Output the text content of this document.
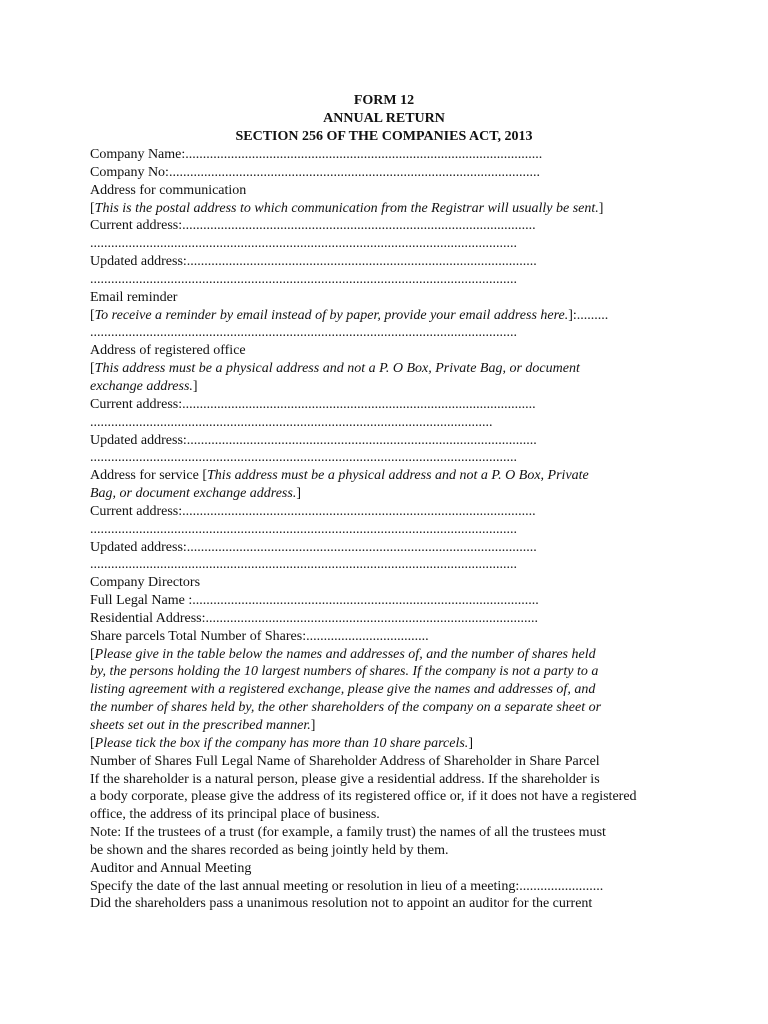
FORM 12
ANNUAL RETURN
SECTION 256 OF THE COMPANIES ACT, 2013
Company Name:......................................................................................................
Company No:..........................................................................................................
Address for communication
[This is the postal address to which communication from the Registrar will usually be sent.]
Current address:.....................................................................................................
..........................................................................................................................
Updated address:....................................................................................................
..........................................................................................................................
Email reminder
[To receive a reminder by email instead of by paper, provide your email address here.]:.........
..........................................................................................................................
Address of registered office
[This address must be a physical address and not a P. O Box, Private Bag, or document
exchange address.]
Current address:.....................................................................................................
...................................................................................................................
Updated address:....................................................................................................
..........................................................................................................................
Address for service [This address must be a physical address and not a P. O Box, Private
Bag, or document exchange address.]
Current address:.....................................................................................................
..........................................................................................................................
Updated address:....................................................................................................
..........................................................................................................................
Company Directors
Full Legal Name :...................................................................................................
Residential Address:...............................................................................................
Share parcels Total Number of Shares:...................................
[Please give in the table below the names and addresses of, and the number of shares held
by, the persons holding the 10 largest numbers of shares. If the company is not a party to a
listing agreement with a registered exchange, please give the names and addresses of, and
the number of shares held by, the other shareholders of the company on a separate sheet or
sheets set out in the prescribed manner.]
[Please tick the box if the company has more than 10 share parcels.]
Number of Shares Full Legal Name of Shareholder Address of Shareholder in Share Parcel
If the shareholder is a natural person, please give a residential address. If the shareholder is
a body corporate, please give the address of its registered office or, if it does not have a registered
office, the address of its principal place of business.
Note: If the trustees of a trust (for example, a family trust) the names of all the trustees must
be shown and the shares recorded as being jointly held by them.
Auditor and Annual Meeting
Specify the date of the last annual meeting or resolution in lieu of a meeting:........................
Did the shareholders pass a unanimous resolution not to appoint an auditor for the current
